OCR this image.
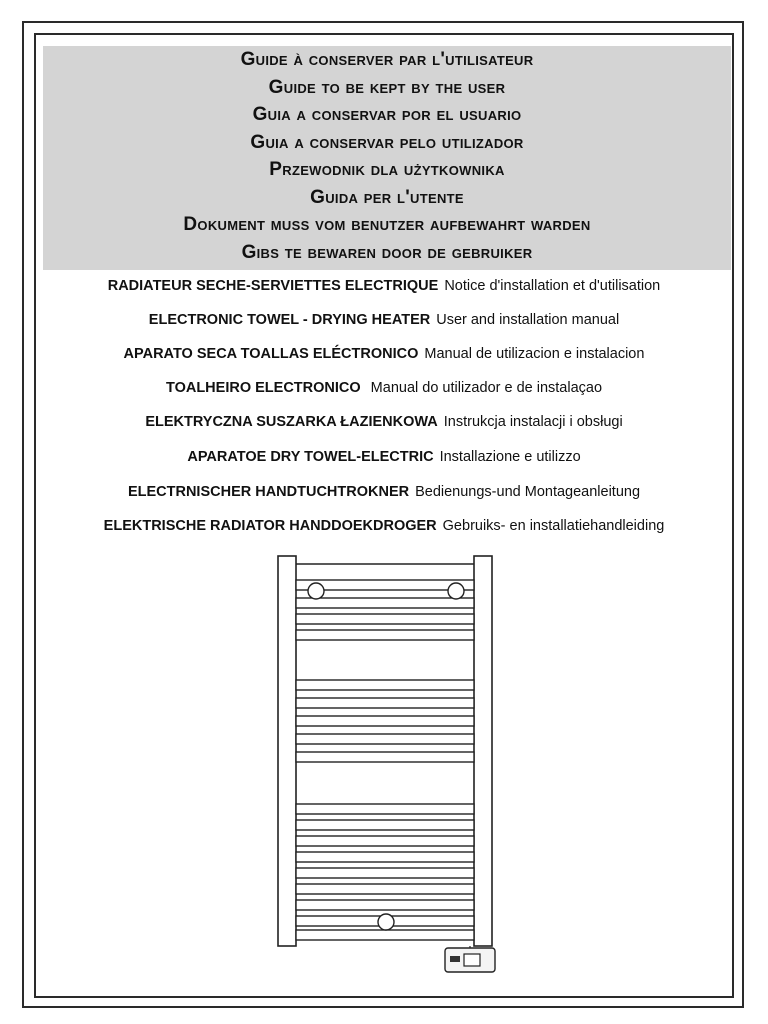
Guide à conserver par l'utilisateur
Guide to be kept by the user
Guia a conservar por el usuario
Guia a conservar pelo utilizador
Przewodnik dla użytkownika
Guida per l'utente
Dokument muss vom benutzer aufbewahrt warden
Gibs te bewaren door de gebruiker
RADIATEUR SECHE-SERVIETTES ELECTRIQUE Notice d'installation et d'utilisation
ELECTRONIC TOWEL - DRYING HEATER User and installation manual
APARATO SECA TOALLAS ELÉCTRONICO Manual de utilizacion e instalacion
TOALHEIRO ELECTRONICO Manual do utilizador e de instalaçao
ELEKTRYCZNA SUSZARKA ŁAZIENKOWA Instrukcja instalacji i obsługi
APARATOE DRY TOWEL-ELECTRIC Installazione e utilizzo
ELECTRNISCHER HANDTUCHTROKNER Bedienungs-und Montageanleitung
ELEKTRISCHE RADIATOR HANDDOEKDROGER Gebruiks- en installatiehandleiding
